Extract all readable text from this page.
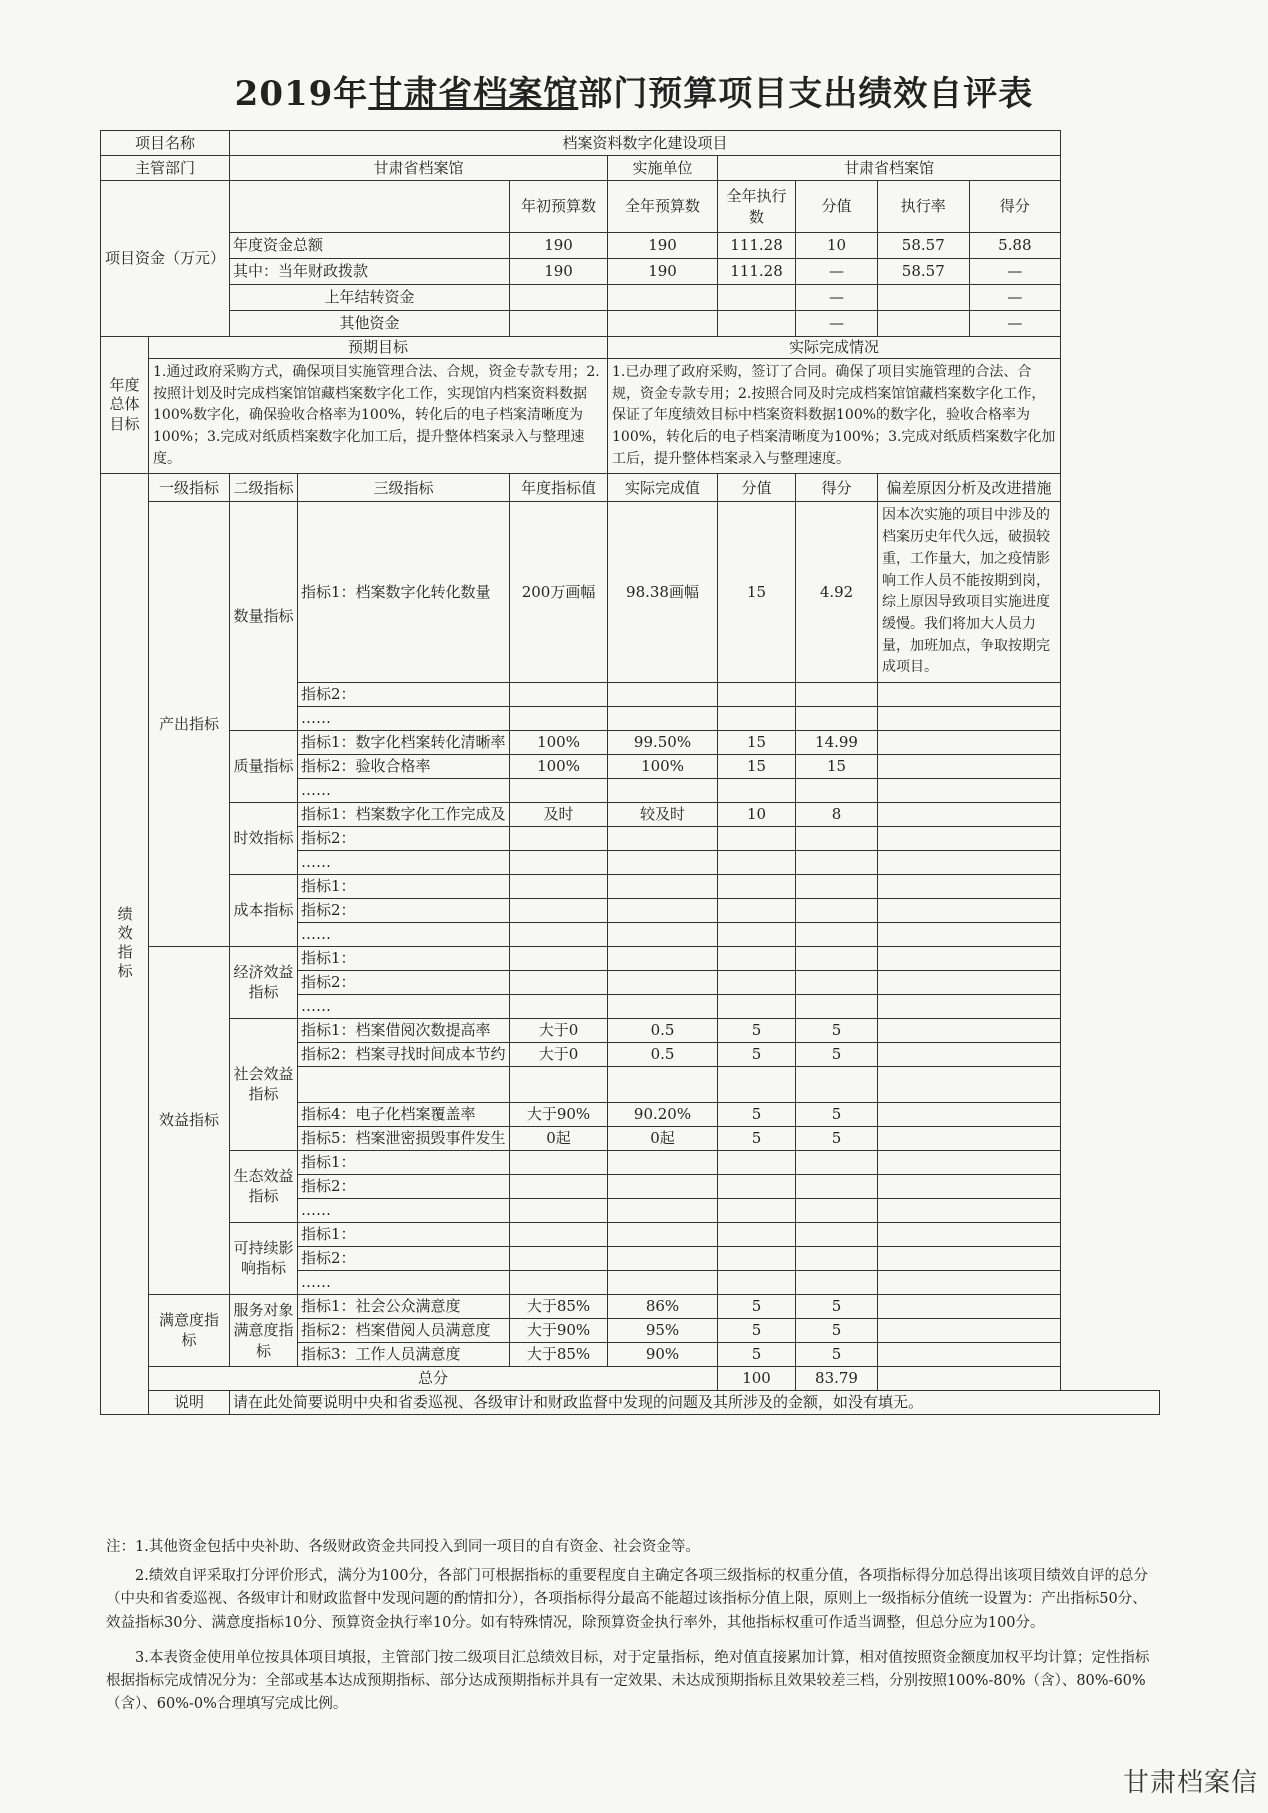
2019年甘肃省档案馆部门预算项目支出绩效自评表
项目名称		档案资料数字化建设项目						
主管部门		甘肃省档案馆			实施单位	甘肃省档案馆		
项目资金（万元）				年初预算数	全年预算数	全年执行数	分值	执行率 得分

		年度资金总额		190	190	111.28	10	58.57 5.88

		其中：当年财政拨款		190	190	111.28	—	58.57 —

		上年结转资金					—	—

		其他资金					—	—

年度总体目标	预期目标				实际完成情况			
	1.通过政府采购方式，确保项目实施管理合法、合规，资金专款专用；2.按照计划及时完成档案馆馆藏档案数字化工作，实现馆内档案资料数据100%数字化，确保验收合格率为100%，转化后的电子档案清晰度为100%；3.完成对纸质档案数字化加工后，提升整体档案录入与整理速度。				1.已办理了政府采购，签订了合同。确保了项目实施管理的合法、合规，资金专款专用；2.按照合同及时完成档案馆馆藏档案数字化工作，保证了年度绩效目标中档案资料数据100%的数字化，验收合格率为100%，转化后的电子档案清晰度为100%；3.完成对纸质档案数字化加工后，提升整体档案录入与整理速度。			
绩效指标	一级指标	二级指标	三级指标	年度指标值	实际完成值	分值	得分	偏差原因分析及改进措施
	产出指标	数量指标	指标1：档案数字化转化数量	200万画幅	98.38画幅	15	4.92	因本次实施的项目中涉及的档案历史年代久远，破损较重，工作量大，加之疫情影响工作人员不能按期到岗，综上原因导致项目实施进度缓慢。我们将加大人员力量，加班加点，争取按期完成项目。
			指标2：					
			……					
		质量指标	指标1：数字化档案转化清晰率	100%	99.50%	15	14.99	
			指标2：验收合格率	100%	100%	15	15	
			……					
		时效指标	指标1：档案数字化工作完成及	及时	较及时	10	8	
			指标2：					
			……					
		成本指标	指标1：					
			指标2：					
			……					
	效益指标	经济效益指标	指标1：					
			指标2：					
			……					
		社会效益指标	指标1：档案借阅次数提高率	大于0	0.5	5	5	
			指标2：档案寻找时间成本节约	大于0	0.5	5	5	

			指标4：电子化档案覆盖率	大于90%	90.20%	5	5	
			指标5：档案泄密损毁事件发生	0起	0起	5	5	
		生态效益指标	指标1：					
			指标2：					
			……					
		可持续影响指标	指标1：					
			指标2：					
			……					
	满意度指标	服务对象满意度指标	指标1：社会公众满意度	大于85%	86%	5	5	
			指标2：档案借阅人员满意度	大于90%	95%	5	5	
			指标3：工作人员满意度	大于85%	90%	5	5	
	总分					100	83.79	
	说明	请在此处简要说明中央和省委巡视、各级审计和财政监督中发现的问题及其所涉及的金额，如没有填无。						

注：1.其他资金包括中央补助、各级财政资金共同投入到同一项目的自有资金、社会资金等。

2.绩效自评采取打分评价形式，满分为100分，各部门可根据指标的重要程度自主确定各项三级指标的权重分值，各项指标得分加总得出该项目绩效自评的总分（中央和省委巡视、各级审计和财政监督中发现问题的酌情扣分），各项指标得分最高不能超过该指标分值上限，原则上一级指标分值统一设置为：产出指标50分、效益指标30分、满意度指标10分、预算资金执行率10分。如有特殊情况，除预算资金执行率外，其他指标权重可作适当调整，但总分应为100分。

3.本表资金使用单位按具体项目填报，主管部门按二级项目汇总绩效目标，对于定量指标，绝对值直接累加计算，相对值按照资金额度加权平均计算；定性指标根据指标完成情况分为：全部或基本达成预期指标、部分达成预期指标并具有一定效果、未达成预期指标且效果较差三档，分别按照100%-80%（含）、80%-60%（含）、60%-0%合理填写完成比例。

甘肃档案信
